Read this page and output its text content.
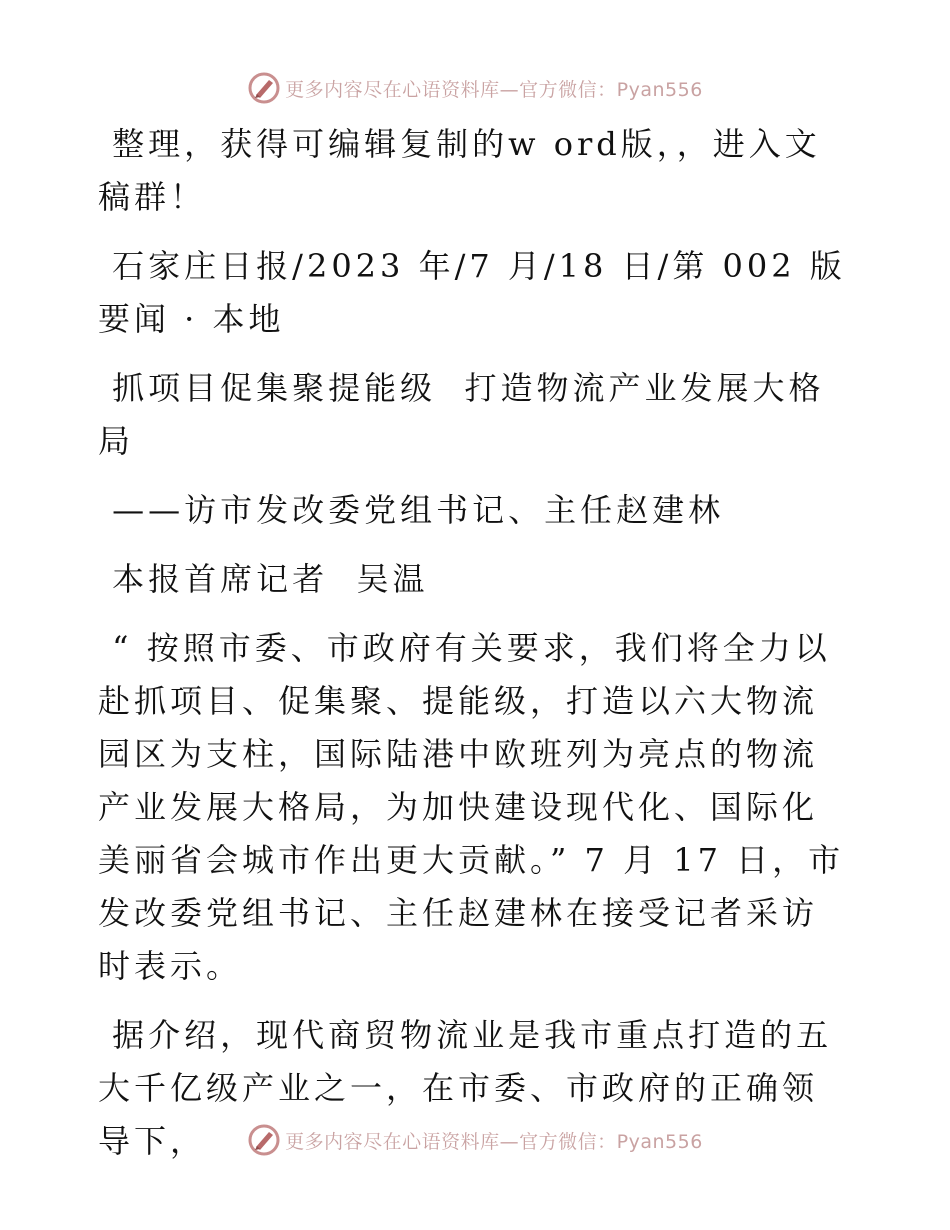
更多内容尽在心语资料库—官方微信：Pyan556

整理，获得可编辑复制的w ord版，，进入文稿群！

石家庄日报/2023 年/7 月/18 日/第 002 版要闻 · 本地

抓项目促集聚提能级  打造物流产业发展大格局

——访市发改委党组书记、主任赵建林

本报首席记者  吴温

“ 按照市委、市政府有关要求，我们将全力以赴抓项目、促集聚、提能级，打造以六大物流园区为支柱，国际陆港中欧班列为亮点的物流产业发展大格局，为加快建设现代化、国际化美丽省会城市作出更大贡献。” 7 月 17 日，市发改委党组书记、主任赵建林在接受记者采访时表示。

据介绍，现代商贸物流业是我市重点打造的五大千亿级产业之一，在市委、市政府的正确领导下，	更多内容尽在心语资料库—官方微信：Pyan556
